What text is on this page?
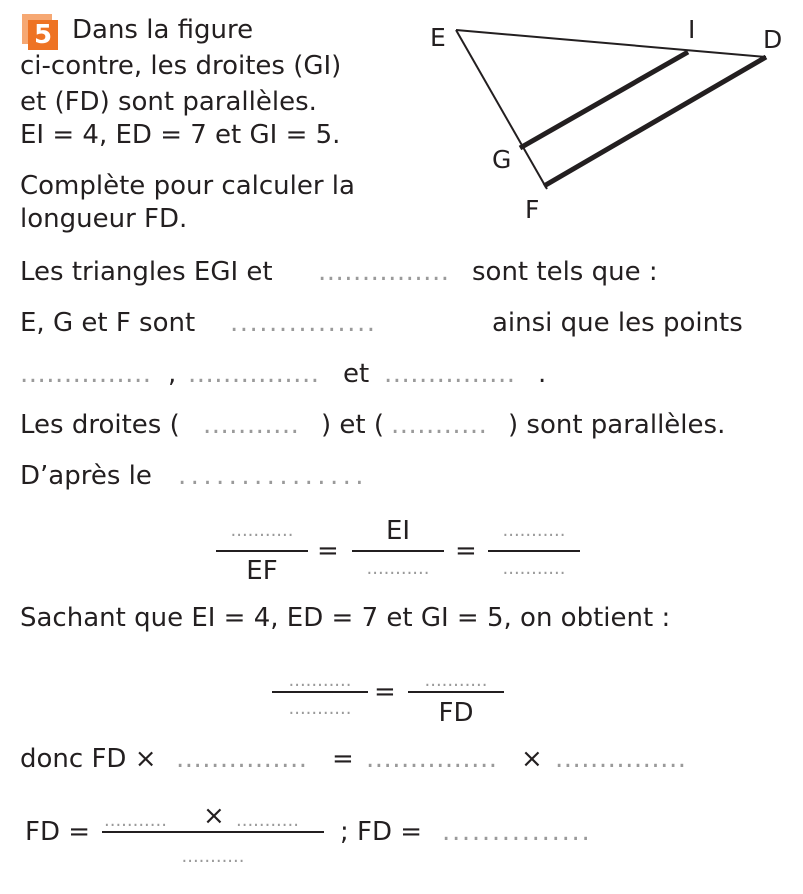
5 Dans la figure
ci-contre, les droites (GI)
et (FD) sont parallèles.
EI = 4, ED = 7 et GI = 5.
Complète pour calculer la
longueur FD.
E	I	D
G
F
Les triangles EGI et ............... sont tels que :
E, G et F sont ...............	ainsi que les points
............... , ............... et ............... .
Les droites ( ........... ) et ( ........... ) sont parallèles.
D’après le ...............
...........
EF
=
EI
...........
=
...........
...........
Sachant que EI = 4, ED = 7 et GI = 5, on obtient :
...........
...........
=	...........
FD
donc FD × ............... = ............... × ...............
FD = ........... × ...........
...........
; FD = ...............
